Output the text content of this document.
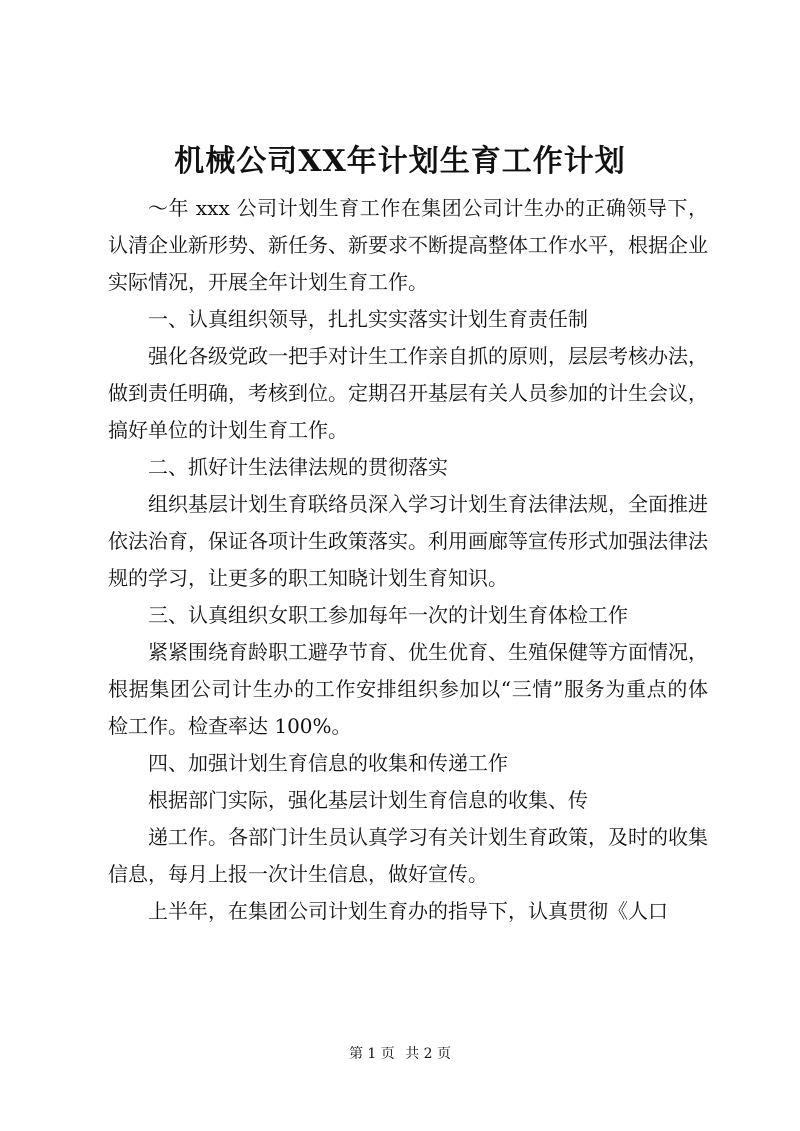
机械公司XX年计划生育工作计划

～年 xxx 公司计划生育工作在集团公司计生办的正确领导下，认清企业新形势、新任务、新要求不断提高整体工作水平，根据企业实际情况，开展全年计划生育工作。

一、认真组织领导，扎扎实实落实计划生育责任制

强化各级党政一把手对计生工作亲自抓的原则，层层考核办法，做到责任明确，考核到位。定期召开基层有关人员参加的计生会议，搞好单位的计划生育工作。

二、抓好计生法律法规的贯彻落实

组织基层计划生育联络员深入学习计划生育法律法规，全面推进依法治育，保证各项计生政策落实。利用画廊等宣传形式加强法律法规的学习，让更多的职工知晓计划生育知识。

三、认真组织女职工参加每年一次的计划生育体检工作

紧紧围绕育龄职工避孕节育、优生优育、生殖保健等方面情况，根据集团公司计生办的工作安排组织参加以“三情”服务为重点的体检工作。检查率达 100%。

四、加强计划生育信息的收集和传递工作

根据部门实际，强化基层计划生育信息的收集、传

递工作。各部门计生员认真学习有关计划生育政策，及时的收集信息，每月上报一次计生信息，做好宣传。

上半年，在集团公司计划生育办的指导下，认真贯彻《人口

第 1 页 共 2 页
